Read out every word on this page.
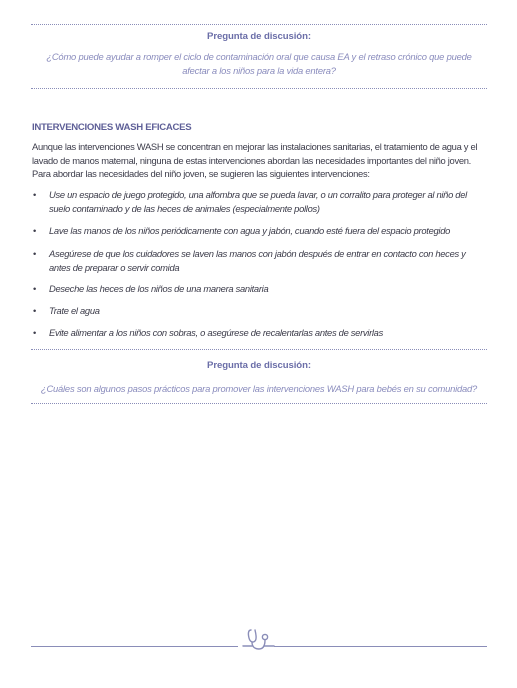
Pregunta de discusión:
¿Cómo puede ayudar a romper el ciclo de contaminación oral que causa EA y el retraso crónico que puede afectar a los niños para la vida entera?
INTERVENCIONES WASH EFICACES
Aunque las intervenciones WASH se concentran en mejorar las instalaciones sanitarias, el tratamiento de agua y el lavado de manos maternal, ninguna de estas intervenciones abordan las necesidades importantes del niño joven. Para abordar las necesidades del niño joven, se sugieren las siguientes intervenciones:
• Use un espacio de juego protegido, una alfombra que se pueda lavar, o un corralito para proteger al niño del suelo contaminado y de las heces de animales (especialmente pollos)
• Lave las manos de los niños periódicamente con agua y jabón, cuando esté fuera del espacio protegido
• Asegúrese de que los cuidadores se laven las manos con jabón después de entrar en contacto con heces y antes de preparar o servir comida
• Deseche las heces de los niños de una manera sanitaria
• Trate el agua
• Evite alimentar a los niños con sobras, o asegúrese de recalentarlas antes de servirlas
Pregunta de discusión:
¿Cuáles son algunos pasos prácticos para promover las intervenciones WASH para bebés en su comunidad?
